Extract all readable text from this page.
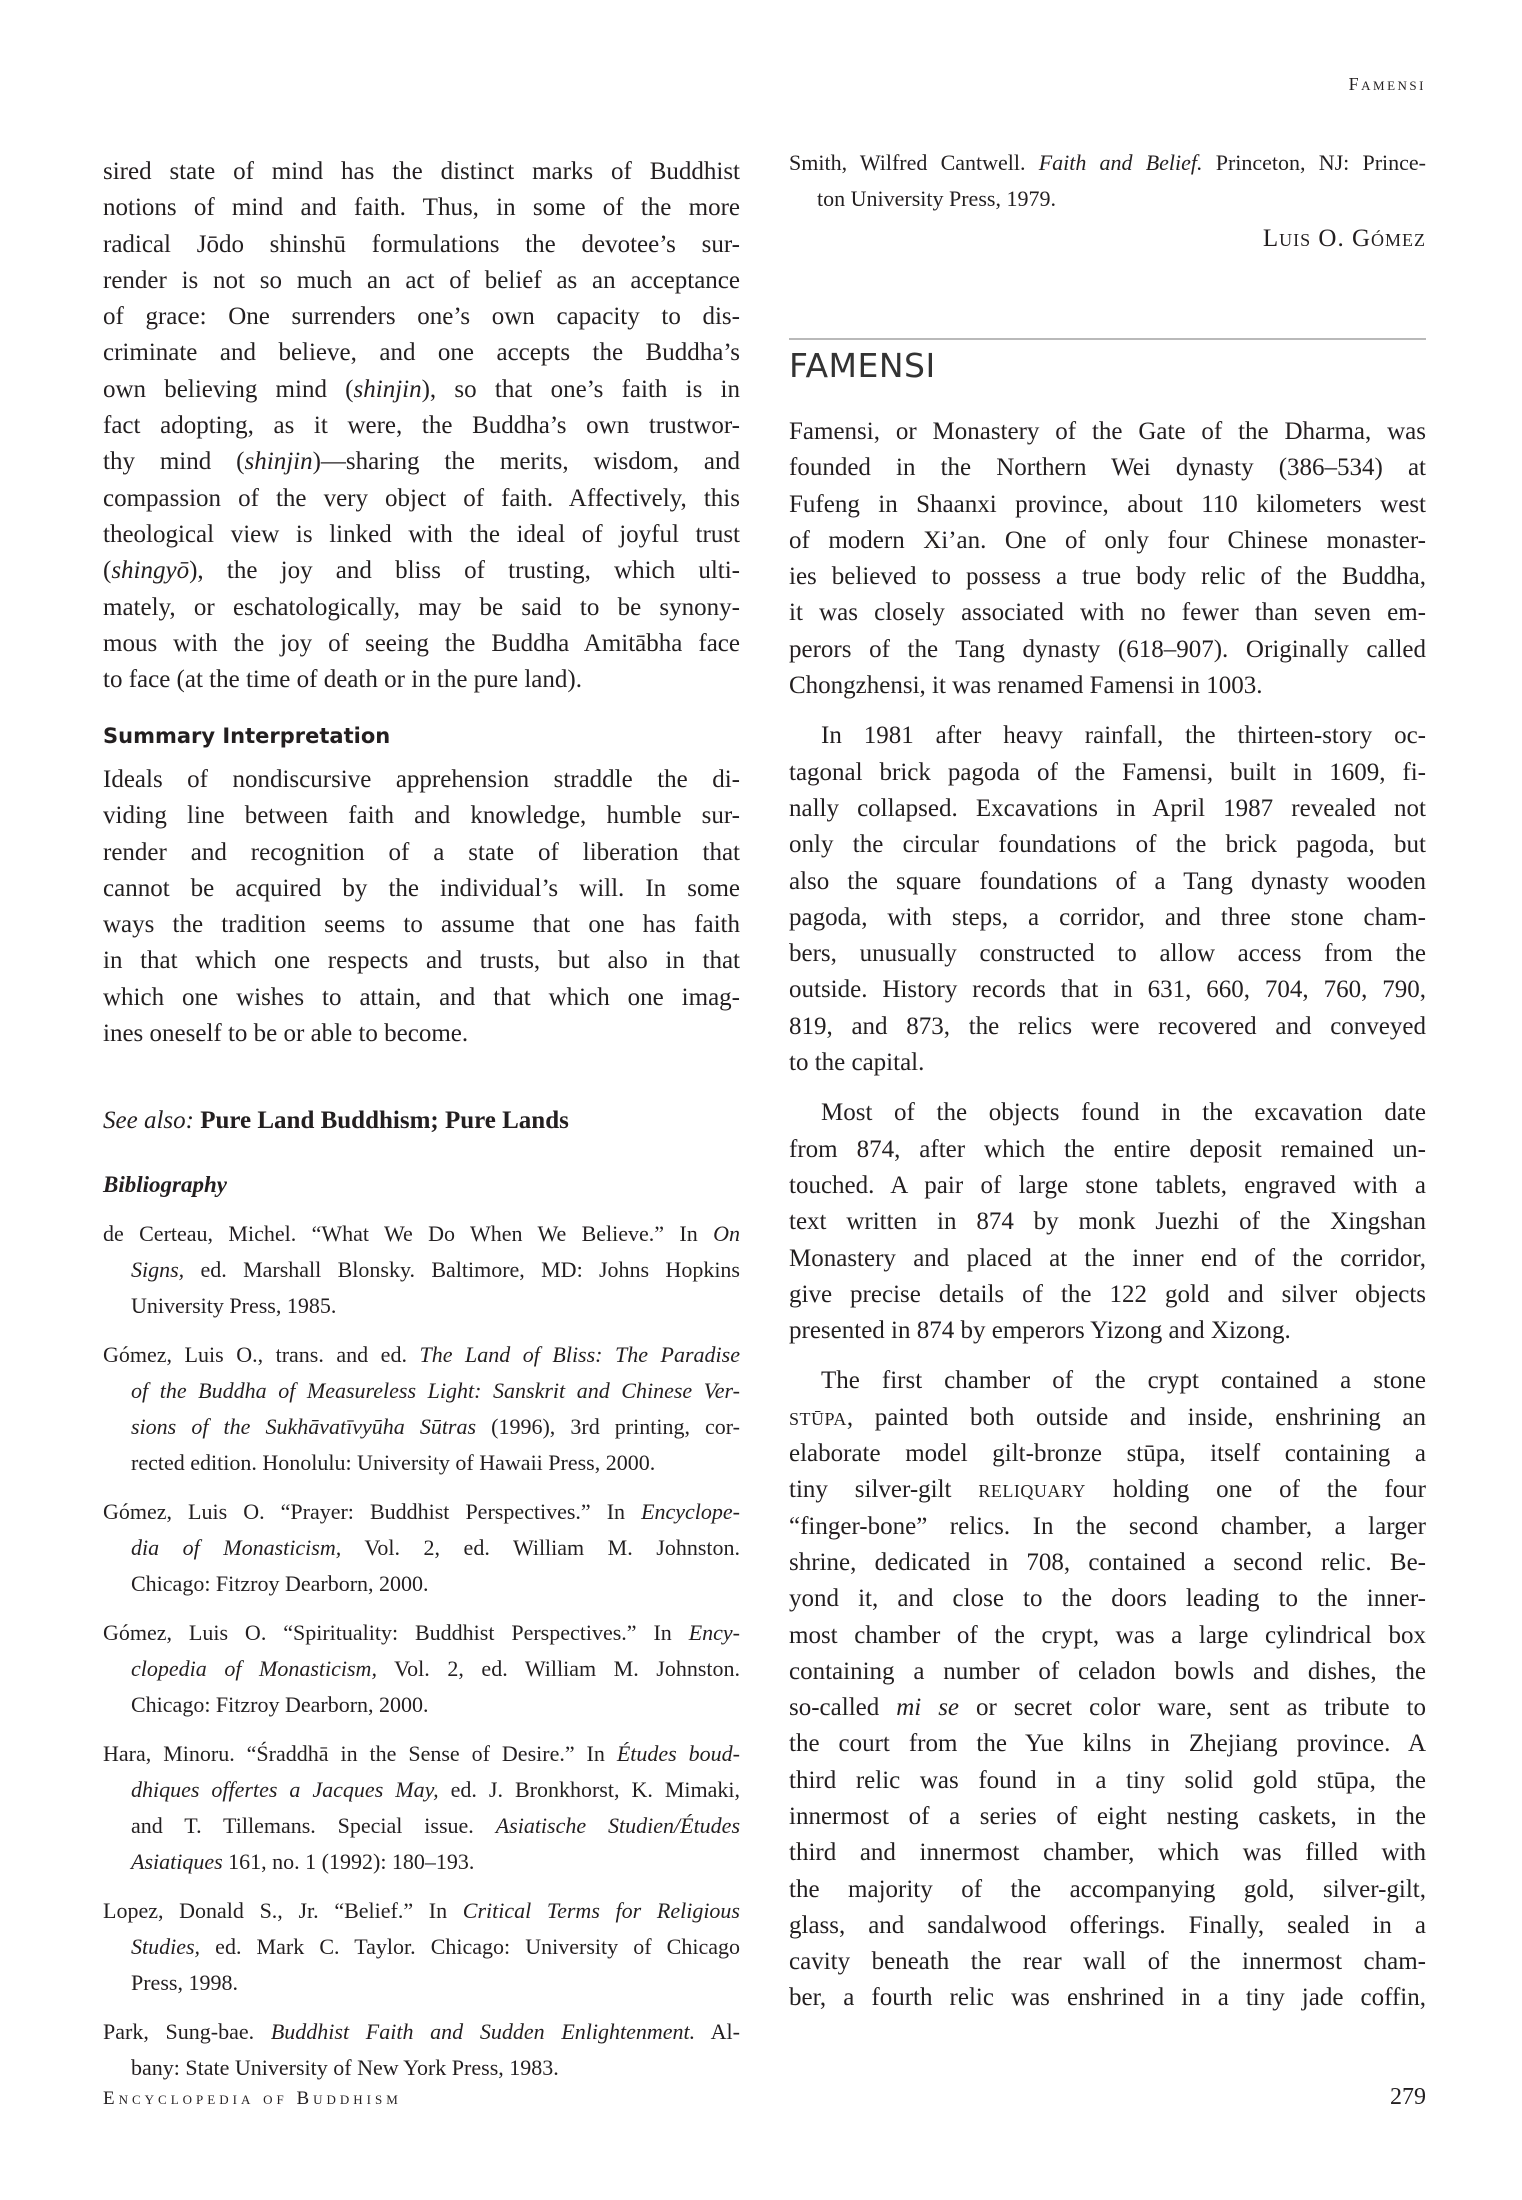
Famensi
sired state of mind has the distinct marks of Buddhist
notions of mind and faith. Thus, in some of the more
radical Jōdo shinshū formulations the devotee’s sur-
render is not so much an act of belief as an acceptance
of grace: One surrenders one’s own capacity to dis-
criminate and believe, and one accepts the Buddha’s
own believing mind (shinjin), so that one’s faith is in
fact adopting, as it were, the Buddha’s own trustwor-
thy mind (shinjin)—sharing the merits, wisdom, and
compassion of the very object of faith. Affectively, this
theological view is linked with the ideal of joyful trust
(shingyō), the joy and bliss of trusting, which ulti-
mately, or eschatologically, may be said to be synony-
mous with the joy of seeing the Buddha Amitābha face
to face (at the time of death or in the pure land).
Summary Interpretation
Ideals of nondiscursive apprehension straddle the di-
viding line between faith and knowledge, humble sur-
render and recognition of a state of liberation that
cannot be acquired by the individual’s will. In some
ways the tradition seems to assume that one has faith
in that which one respects and trusts, but also in that
which one wishes to attain, and that which one imag-
ines oneself to be or able to become.
See also: Pure Land Buddhism; Pure Lands
Bibliography
de Certeau, Michel. “What We Do When We Believe.” In On
Signs, ed. Marshall Blonsky. Baltimore, MD: Johns Hopkins
University Press, 1985.
Gómez, Luis O., trans. and ed. The Land of Bliss: The Paradise
of the Buddha of Measureless Light: Sanskrit and Chinese Ver-
sions of the Sukhāvatīvyūha Sūtras (1996), 3rd printing, cor-
rected edition. Honolulu: University of Hawaii Press, 2000.
Gómez, Luis O. “Prayer: Buddhist Perspectives.” In Encyclope-
dia of Monasticism, Vol. 2, ed. William M. Johnston.
Chicago: Fitzroy Dearborn, 2000.
Gómez, Luis O. “Spirituality: Buddhist Perspectives.” In Ency-
clopedia of Monasticism, Vol. 2, ed. William M. Johnston.
Chicago: Fitzroy Dearborn, 2000.
Hara, Minoru. “Śraddhā in the Sense of Desire.” In Études boud-
dhiques offertes a Jacques May, ed. J. Bronkhorst, K. Mimaki,
and T. Tillemans. Special issue. Asiatische Studien/Études
Asiatiques 161, no. 1 (1992): 180–193.
Lopez, Donald S., Jr. “Belief.” In Critical Terms for Religious
Studies, ed. Mark C. Taylor. Chicago: University of Chicago
Press, 1998.
Park, Sung-bae. Buddhist Faith and Sudden Enlightenment. Al-
bany: State University of New York Press, 1983.
Smith, Wilfred Cantwell. Faith and Belief. Princeton, NJ: Prince-
ton University Press, 1979.
Luis O. Gómez
FAMENSI
Famensi, or Monastery of the Gate of the Dharma, was
founded in the Northern Wei dynasty (386–534) at
Fufeng in Shaanxi province, about 110 kilometers west
of modern Xi’an. One of only four Chinese monaster-
ies believed to possess a true body relic of the Buddha,
it was closely associated with no fewer than seven em-
perors of the Tang dynasty (618–907). Originally called
Chongzhensi, it was renamed Famensi in 1003.
In 1981 after heavy rainfall, the thirteen-story oc-
tagonal brick pagoda of the Famensi, built in 1609, fi-
nally collapsed. Excavations in April 1987 revealed not
only the circular foundations of the brick pagoda, but
also the square foundations of a Tang dynasty wooden
pagoda, with steps, a corridor, and three stone cham-
bers, unusually constructed to allow access from the
outside. History records that in 631, 660, 704, 760, 790,
819, and 873, the relics were recovered and conveyed
to the capital.
Most of the objects found in the excavation date
from 874, after which the entire deposit remained un-
touched. A pair of large stone tablets, engraved with a
text written in 874 by monk Juezhi of the Xingshan
Monastery and placed at the inner end of the corridor,
give precise details of the 122 gold and silver objects
presented in 874 by emperors Yizong and Xizong.
The first chamber of the crypt contained a stone
stūpa, painted both outside and inside, enshrining an
elaborate model gilt-bronze stūpa, itself containing a
tiny silver-gilt reliquary holding one of the four
“finger-bone” relics. In the second chamber, a larger
shrine, dedicated in 708, contained a second relic. Be-
yond it, and close to the doors leading to the inner-
most chamber of the crypt, was a large cylindrical box
containing a number of celadon bowls and dishes, the
so-called mi se or secret color ware, sent as tribute to
the court from the Yue kilns in Zhejiang province. A
third relic was found in a tiny solid gold stūpa, the
innermost of a series of eight nesting caskets, in the
third and innermost chamber, which was filled with
the majority of the accompanying gold, silver-gilt,
glass, and sandalwood offerings. Finally, sealed in a
cavity beneath the rear wall of the innermost cham-
ber, a fourth relic was enshrined in a tiny jade coffin,
Encyclopedia of Buddhism	279
